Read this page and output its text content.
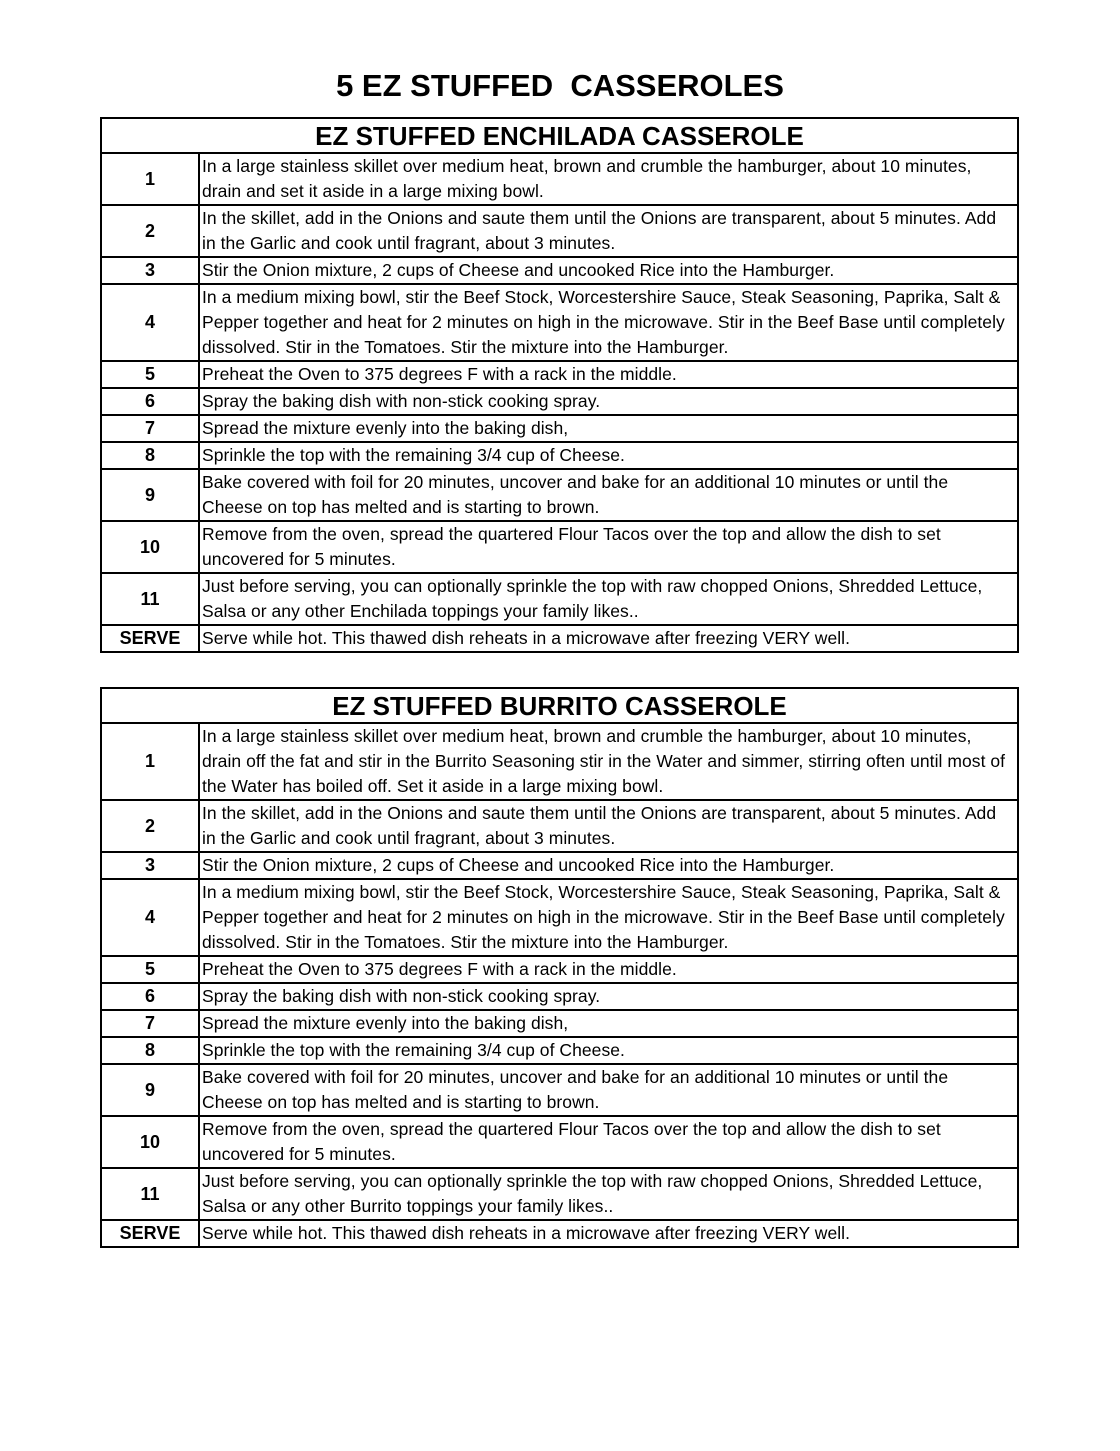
5 EZ STUFFED  CASSEROLES
EZ STUFFED ENCHILADA CASSEROLE	
1	In a large stainless skillet over medium heat, brown and crumble the hamburger, about 10 minutes, drain and set it aside in a large mixing bowl.
2	In the skillet, add in the Onions and saute them until the Onions are transparent, about 5 minutes. Add in the Garlic and cook until fragrant, about 3 minutes.
3	Stir the Onion mixture, 2 cups of Cheese and uncooked Rice into the Hamburger.
4	In a medium mixing bowl, stir the Beef Stock, Worcestershire Sauce, Steak Seasoning, Paprika, Salt & Pepper together and heat for 2 minutes on high in the microwave. Stir in the Beef Base until completely dissolved. Stir in the Tomatoes. Stir the mixture into the Hamburger.
5	Preheat the Oven to 375 degrees F with a rack in the middle.
6	Spray the baking dish with non-stick cooking spray.
7	Spread the mixture evenly into the baking dish,
8	Sprinkle the top with the remaining 3/4 cup of Cheese.
9	Bake covered with foil for 20 minutes, uncover and bake for an additional 10 minutes or until the Cheese on top has melted and is starting to brown.
10	Remove from the oven, spread the quartered Flour Tacos over the top and allow the dish to set uncovered for 5 minutes.
11	Just before serving, you can optionally sprinkle the top with raw chopped Onions, Shredded Lettuce, Salsa or any other Enchilada toppings your family likes..
SERVE	Serve while hot. This thawed dish reheats in a microwave after freezing VERY well.
EZ STUFFED BURRITO CASSEROLE	
1	In a large stainless skillet over medium heat, brown and crumble the hamburger, about 10 minutes, drain off the fat and stir in the Burrito Seasoning stir in the Water and simmer, stirring often until most of the Water has boiled off. Set it aside in a large mixing bowl.
2	In the skillet, add in the Onions and saute them until the Onions are transparent, about 5 minutes. Add in the Garlic and cook until fragrant, about 3 minutes.
3	Stir the Onion mixture, 2 cups of Cheese and uncooked Rice into the Hamburger.
4	In a medium mixing bowl, stir the Beef Stock, Worcestershire Sauce, Steak Seasoning, Paprika, Salt & Pepper together and heat for 2 minutes on high in the microwave. Stir in the Beef Base until completely dissolved. Stir in the Tomatoes. Stir the mixture into the Hamburger.
5	Preheat the Oven to 375 degrees F with a rack in the middle.
6	Spray the baking dish with non-stick cooking spray.
7	Spread the mixture evenly into the baking dish,
8	Sprinkle the top with the remaining 3/4 cup of Cheese.
9	Bake covered with foil for 20 minutes, uncover and bake for an additional 10 minutes or until the Cheese on top has melted and is starting to brown.
10	Remove from the oven, spread the quartered Flour Tacos over the top and allow the dish to set uncovered for 5 minutes.
11	Just before serving, you can optionally sprinkle the top with raw chopped Onions, Shredded Lettuce, Salsa or any other Burrito toppings your family likes..
SERVE	Serve while hot. This thawed dish reheats in a microwave after freezing VERY well.
